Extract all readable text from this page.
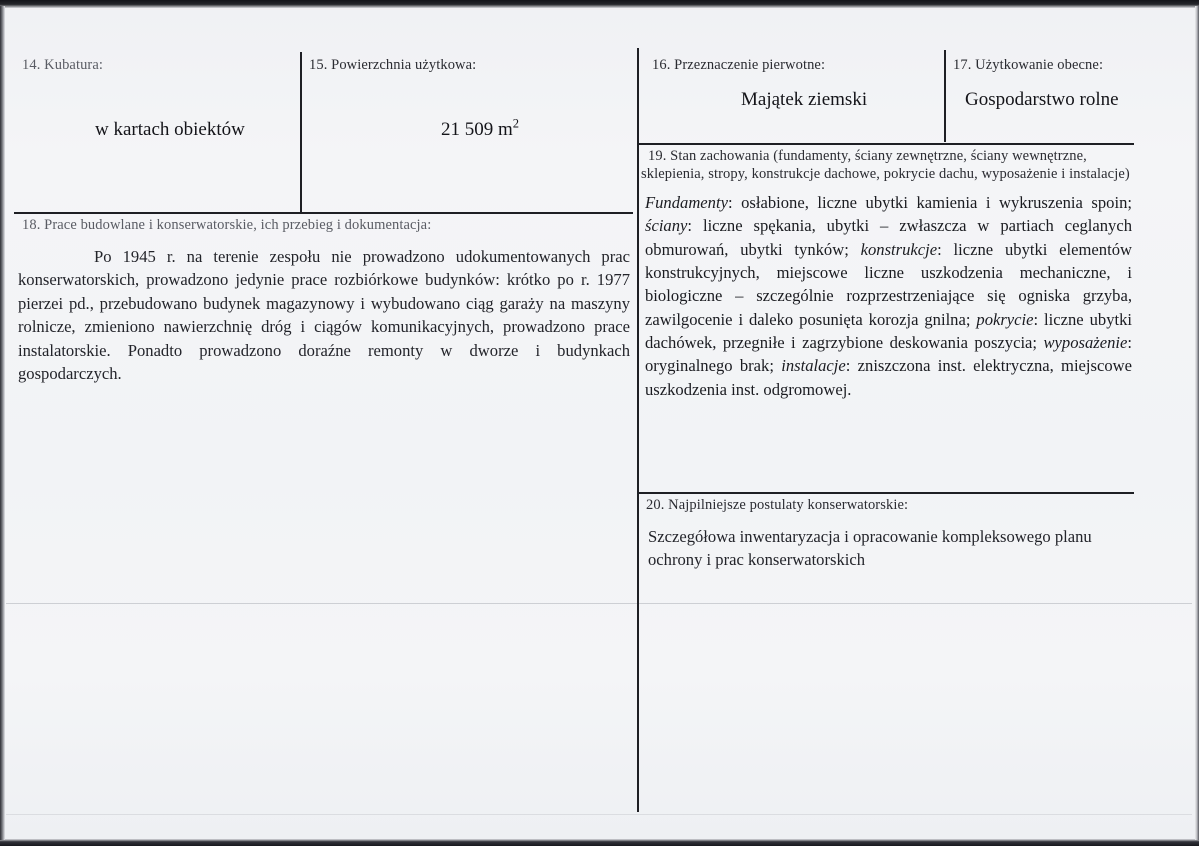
14. Kubatura:
w kartach obiektów
15. Powierzchnia użytkowa:
21 509 $m^2$
16. Przeznaczenie pierwotne:
Majątek ziemski
17. Użytkowanie obecne:
Gospodarstwo rolne
18. Prace budowlane i konserwatorskie, ich przebieg i dokumentacja:
Po 1945 r. na terenie zespołu nie prowadzono udokumentowanych prac konserwatorskich, prowadzono jedynie prace rozbiórkowe budynków: krótko po r. 1977 pierzei pd., przebudowano budynek magazynowy i wybudowano ciąg garaży na maszyny rolnicze, zmieniono nawierzchnię dróg i ciągów komunikacyjnych, prowadzono prace instalatorskie. Ponadto prowadzono doraźne remonty w dworze i budynkach gospodarczych.
19. Stan zachowania (fundamenty, ściany zewnętrzne, ściany wewnętrzne,
sklepienia, stropy, konstrukcje dachowe, pokrycie dachu, wyposażenie i instalacje)
Fundamenty: osłabione, liczne ubytki kamienia i wykruszenia spoin; ściany: liczne spękania, ubytki – zwłaszcza w partiach ceglanych obmurowań, ubytki tynków; konstrukcje: liczne ubytki elementów konstrukcyjnych, miejscowe liczne uszkodzenia mechaniczne, i biologiczne – szczególnie rozprzestrzeniające się ogniska grzyba, zawilgocenie i daleko posunięta korozja gnilna; pokrycie: liczne ubytki dachówek, przegniłe i zagrzybione deskowania poszycia; wyposażenie: oryginalnego brak; instalacje: zniszczona inst. elektryczna, miejscowe uszkodzenia inst. odgromowej.
20. Najpilniejsze postulaty konserwatorskie:
Szczegółowa inwentaryzacja i opracowanie kompleksowego planu ochrony i prac konserwatorskich
